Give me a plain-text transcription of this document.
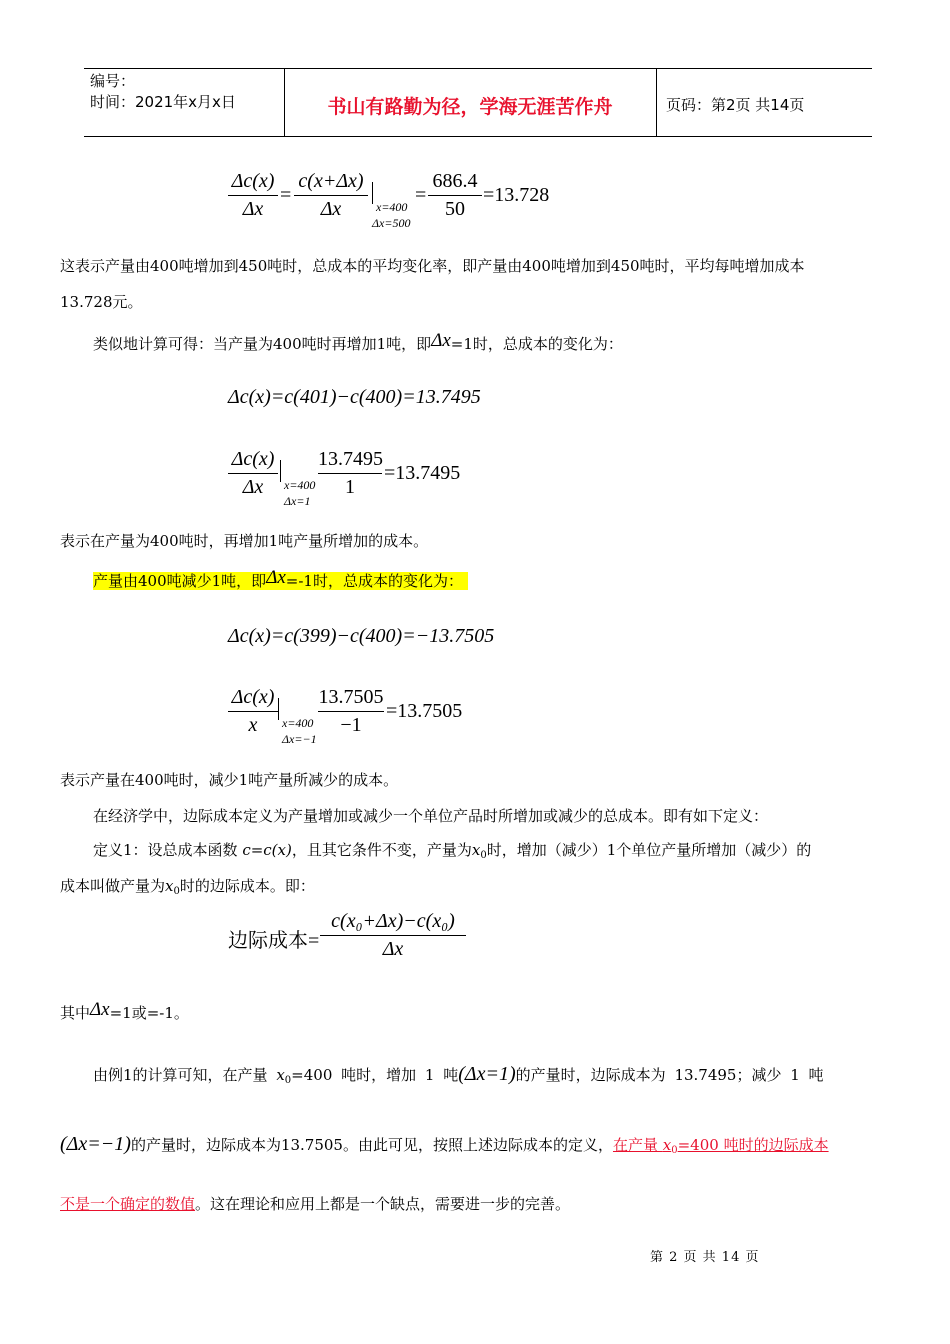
编号：
时间：2021年x月x日	书山有路勤为径，学海无涯苦作舟	页码：第2页 共14页
Δc(x)
Δx
=
c(x+Δx)
Δx	x=400
Δx=500
=
686.4
50
=13.728
这表示产量由400吨增加到450吨时，总成本的平均变化率，即产量由400吨增加到450吨时，平均每吨增加成本
13.728元。
类似地计算可得：当产量为400吨时再增加1吨，即Δx=1时，总成本的变化为：
Δc(x)=c(401)−c(400)=13.7495
Δc(x)
Δx	x=400
Δx=1
13.7495
1
=13.7495
表示在产量为400吨时，再增加1吨产量所增加的成本。
产量由400吨减少1吨，即Δx=-1时，总成本的变化为：
Δc(x)=c(399)−c(400)=−13.7505
Δc(x)
x	x=400
Δx=−1
13.7505
−1
=13.7505
表示产量在400吨时，减少1吨产量所减少的成本。
在经济学中，边际成本定义为产量增加或减少一个单位产品时所增加或减少的总成本。即有如下定义：
定义1：设总成本函数 c=c(x)，且其它条件不变，产量为$x_0$时，增加（减少）1个单位产量所增加（减少）的
成本叫做产量为$x_0$时的边际成本。即：
边际成本=
c(x₀+Δx)−c(x₀)
Δx
其中Δx=1或=-1。
由例1的计算可知，在产量 $x_0=400$ 吨时，增加 1 吨(Δx=1)的产量时，边际成本为 13.7495；减少 1 吨
(Δx=−1)的产量时，边际成本为13.7505。由此可见，按照上述边际成本的定义，在产量 $x_0=400$ 吨时的边际成本
不是一个确定的数值。这在理论和应用上都是一个缺点，需要进一步的完善。
第 2 页 共 14 页
